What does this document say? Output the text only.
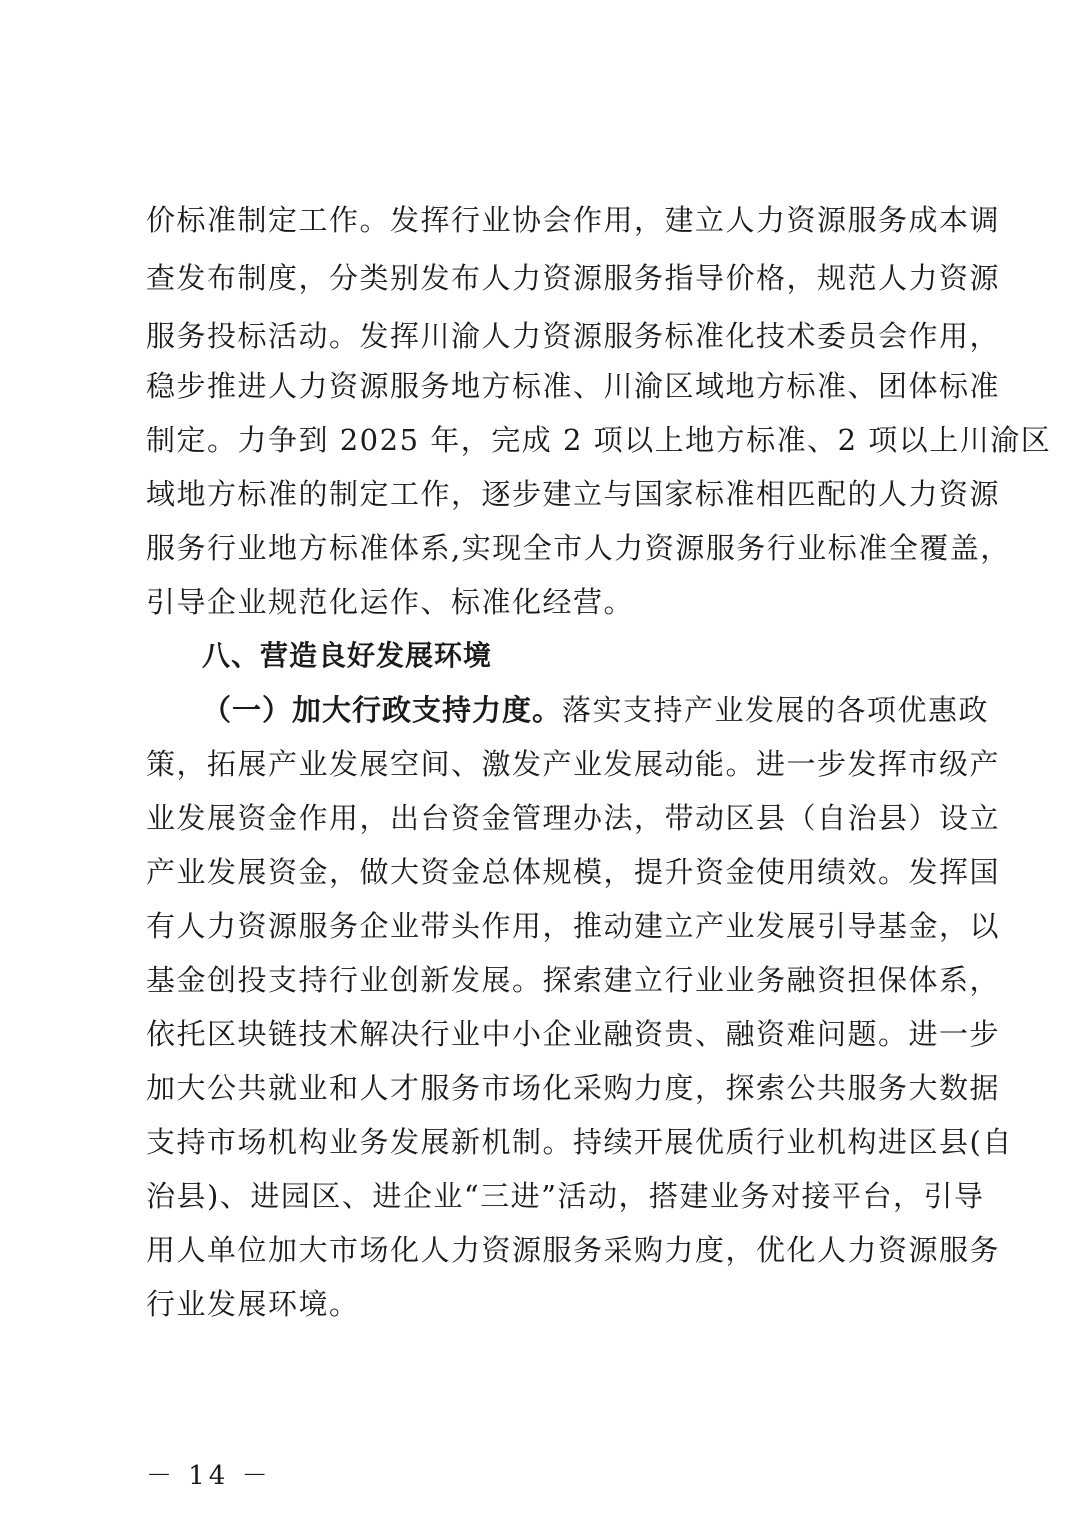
价标准制定工作。发挥行业协会作用，建立人力资源服务成本调
查发布制度，分类别发布人力资源服务指导价格，规范人力资源
服务投标活动。发挥川渝人力资源服务标准化技术委员会作用，
稳步推进人力资源服务地方标准、川渝区域地方标准、团体标准
制定。力争到 2025 年，完成 2 项以上地方标准、2 项以上川渝区
域地方标准的制定工作，逐步建立与国家标准相匹配的人力资源
服务行业地方标准体系,实现全市人力资源服务行业标准全覆盖，
引导企业规范化运作、标准化经营。
八、营造良好发展环境
（一）加大行政支持力度。落实支持产业发展的各项优惠政
策，拓展产业发展空间、激发产业发展动能。进一步发挥市级产
业发展资金作用，出台资金管理办法，带动区县（自治县）设立
产业发展资金，做大资金总体规模，提升资金使用绩效。发挥国
有人力资源服务企业带头作用，推动建立产业发展引导基金，以
基金创投支持行业创新发展。探索建立行业业务融资担保体系，
依托区块链技术解决行业中小企业融资贵、融资难问题。进一步
加大公共就业和人才服务市场化采购力度，探索公共服务大数据
支持市场机构业务发展新机制。持续开展优质行业机构进区县(自
治县)、进园区、进企业“三进”活动，搭建业务对接平台，引导
用人单位加大市场化人力资源服务采购力度，优化人力资源服务
行业发展环境。
－ 14 －
